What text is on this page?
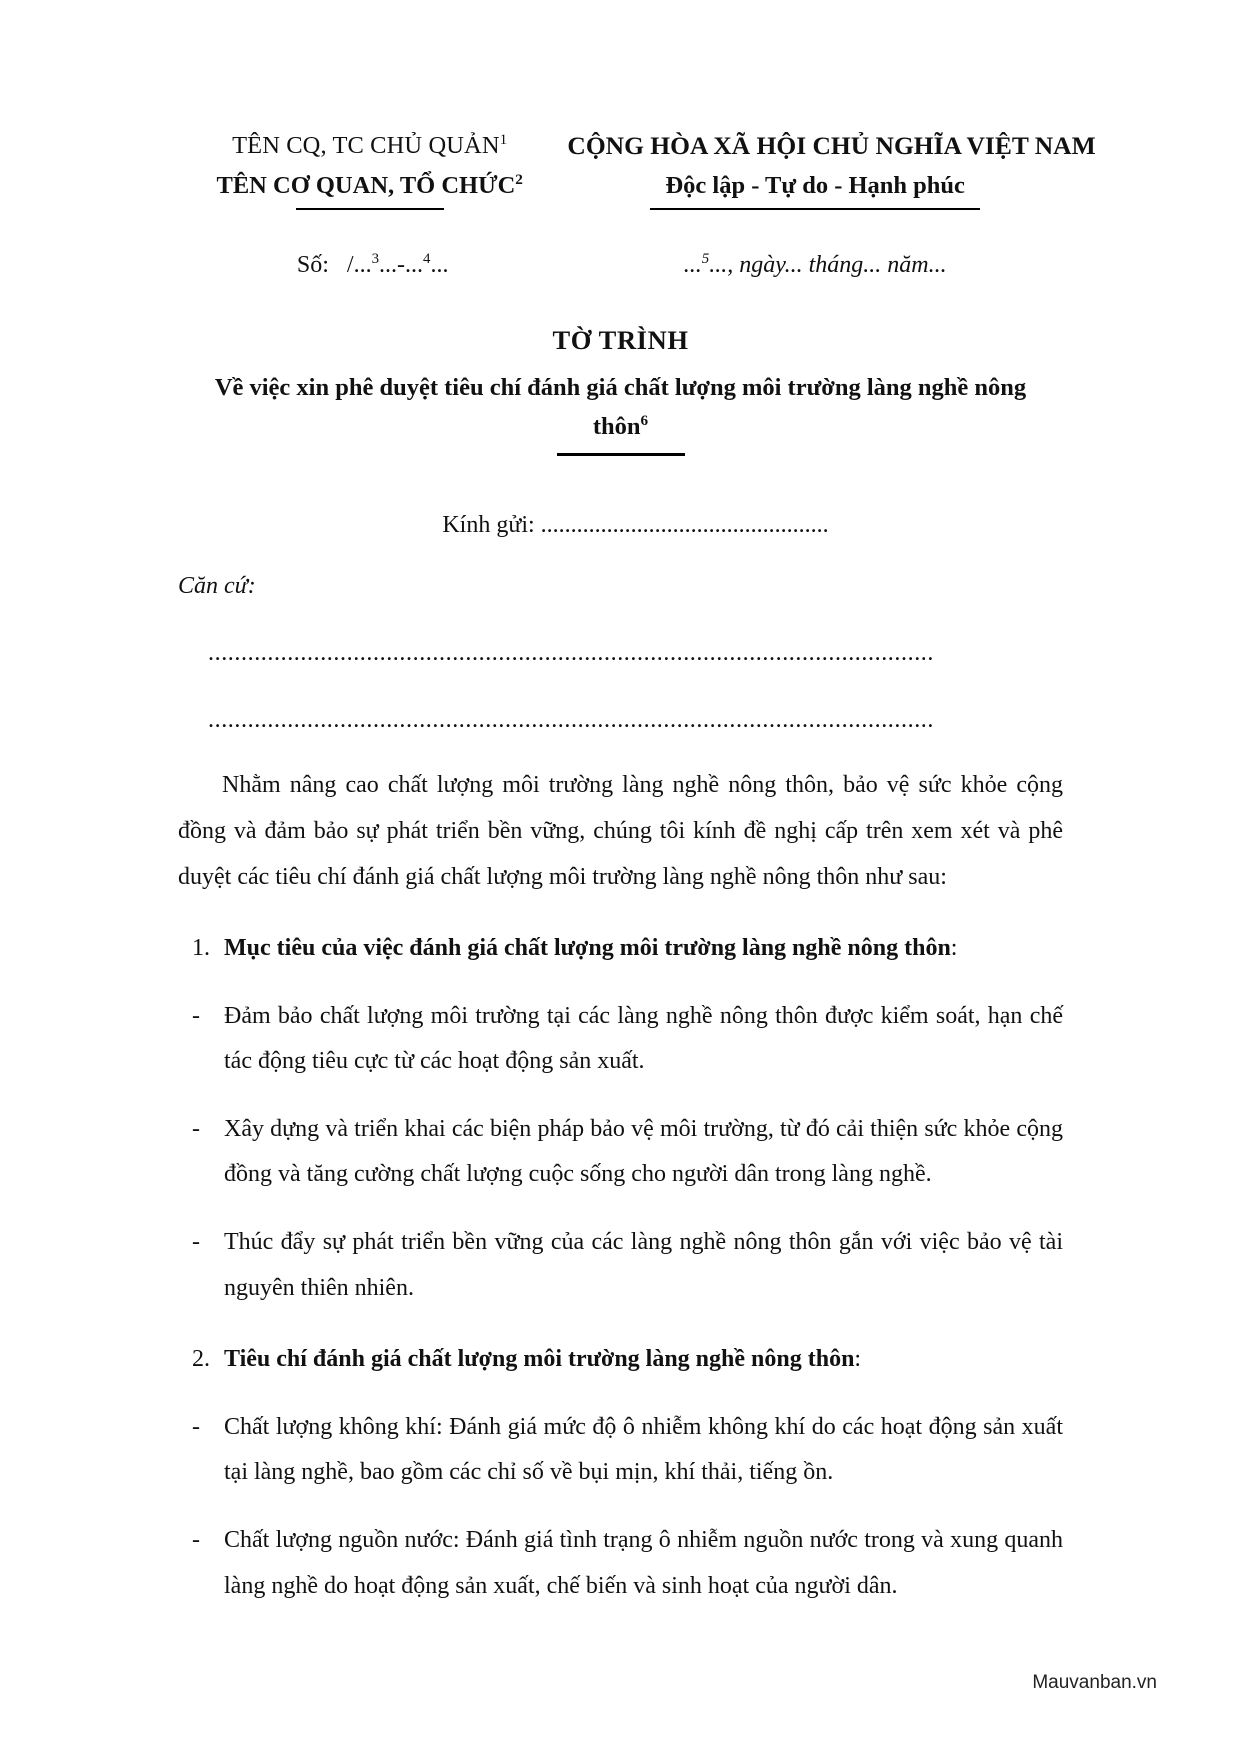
TÊN CQ, TC CHỦ QUẢN$^1$
TÊN CƠ QUAN, TỔ CHỨC$^2$
CỘNG HÒA XÃ HỘI CHỦ NGHĨA VIỆT NAM
Độc lập - Tự do - Hạnh phúc
Số: /...$^3$...-...$^4$...	...$^5$..., ngày... tháng... năm...
TỜ TRÌNH
Về việc xin phê duyệt tiêu chí đánh giá chất lượng môi trường làng nghề nông thôn$^6$
Kính gửi: ................................................
Căn cứ:
..............................................................................................................
..............................................................................................................
Nhằm nâng cao chất lượng môi trường làng nghề nông thôn, bảo vệ sức khỏe cộng đồng và đảm bảo sự phát triển bền vững, chúng tôi kính đề nghị cấp trên xem xét và phê duyệt các tiêu chí đánh giá chất lượng môi trường làng nghề nông thôn như sau:
1. Mục tiêu của việc đánh giá chất lượng môi trường làng nghề nông thôn:
-	Đảm bảo chất lượng môi trường tại các làng nghề nông thôn được kiểm soát, hạn chế tác động tiêu cực từ các hoạt động sản xuất.
-	Xây dựng và triển khai các biện pháp bảo vệ môi trường, từ đó cải thiện sức khỏe cộng đồng và tăng cường chất lượng cuộc sống cho người dân trong làng nghề.
-	Thúc đẩy sự phát triển bền vững của các làng nghề nông thôn gắn với việc bảo vệ tài nguyên thiên nhiên.
2. Tiêu chí đánh giá chất lượng môi trường làng nghề nông thôn:
-	Chất lượng không khí: Đánh giá mức độ ô nhiễm không khí do các hoạt động sản xuất tại làng nghề, bao gồm các chỉ số về bụi mịn, khí thải, tiếng ồn.
-	Chất lượng nguồn nước: Đánh giá tình trạng ô nhiễm nguồn nước trong và xung quanh làng nghề do hoạt động sản xuất, chế biến và sinh hoạt của người dân.
Mauvanban.vn
